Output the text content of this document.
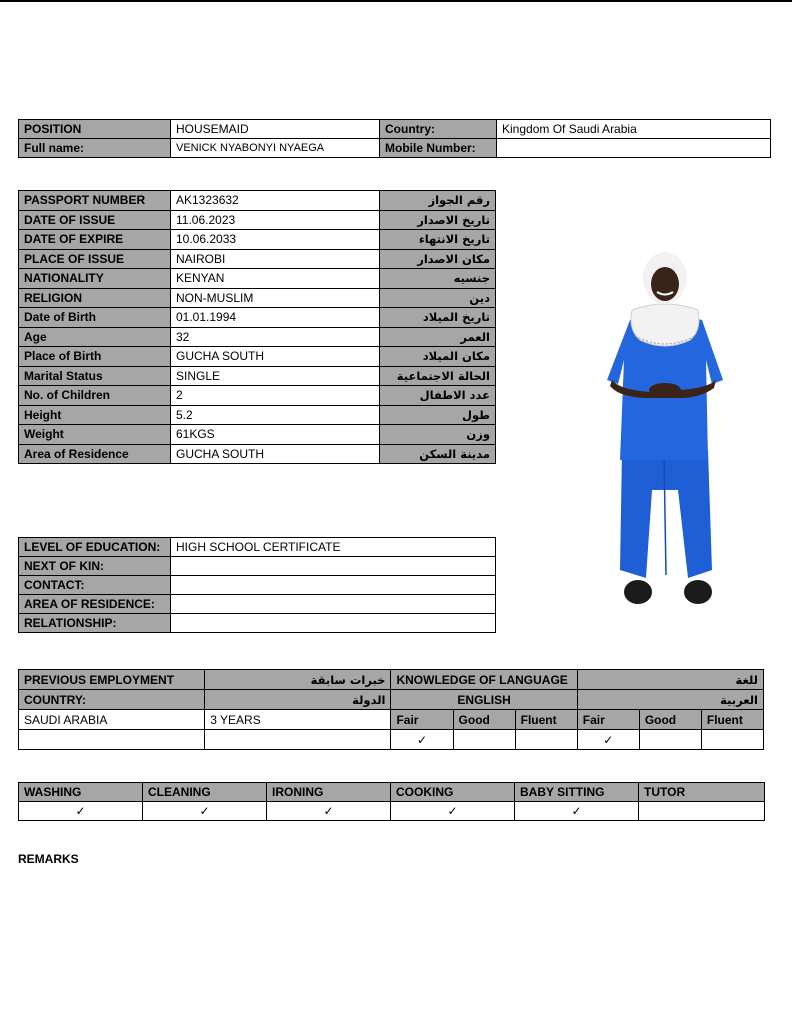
POSITION	HOUSEMAID	Country:	Kingdom Of Saudi Arabia
Full name:	VENICK NYABONYI NYAEGA	Mobile Number:	
PASSPORT NUMBER	AK1323632	رقم الجواز
DATE OF ISSUE	11.06.2023	تاريخ الاصدار
DATE OF EXPIRE	10.06.2033	تاريخ الانتهاء
PLACE OF ISSUE	NAIROBI	مكان الاصدار
NATIONALITY	KENYAN	جنسيه
RELIGION	NON-MUSLIM	دين
Date of Birth	01.01.1994	تاريخ الميلاد
Age	32	العمر
Place of Birth	GUCHA SOUTH	مكان الميلاد
Marital Status	SINGLE	الحالة الاجتماعية
No. of Children	2	عدد الاطفال
Height	5.2	طول
Weight	61KGS	وزن
Area of Residence	GUCHA SOUTH	مدينة السكن
LEVEL OF EDUCATION:	HIGH SCHOOL CERTIFICATE
NEXT OF KIN:	
CONTACT:	
AREA OF RESIDENCE:	
RELATIONSHIP:	
PREVIOUS EMPLOYMENT	خبرات سابقة	KNOWLEDGE OF LANGUAGE			للغة		
COUNTRY:	الدولة	ENGLISH			العربية		
SAUDI ARABIA	3 YEARS	Fair	Good	Fluent	Fair	Good	Fluent
		✓			✓		
WASHING	CLEANING	IRONING	COOKING	BABY SITTING	TUTOR
✓	✓	✓	✓	✓	
REMARKS
